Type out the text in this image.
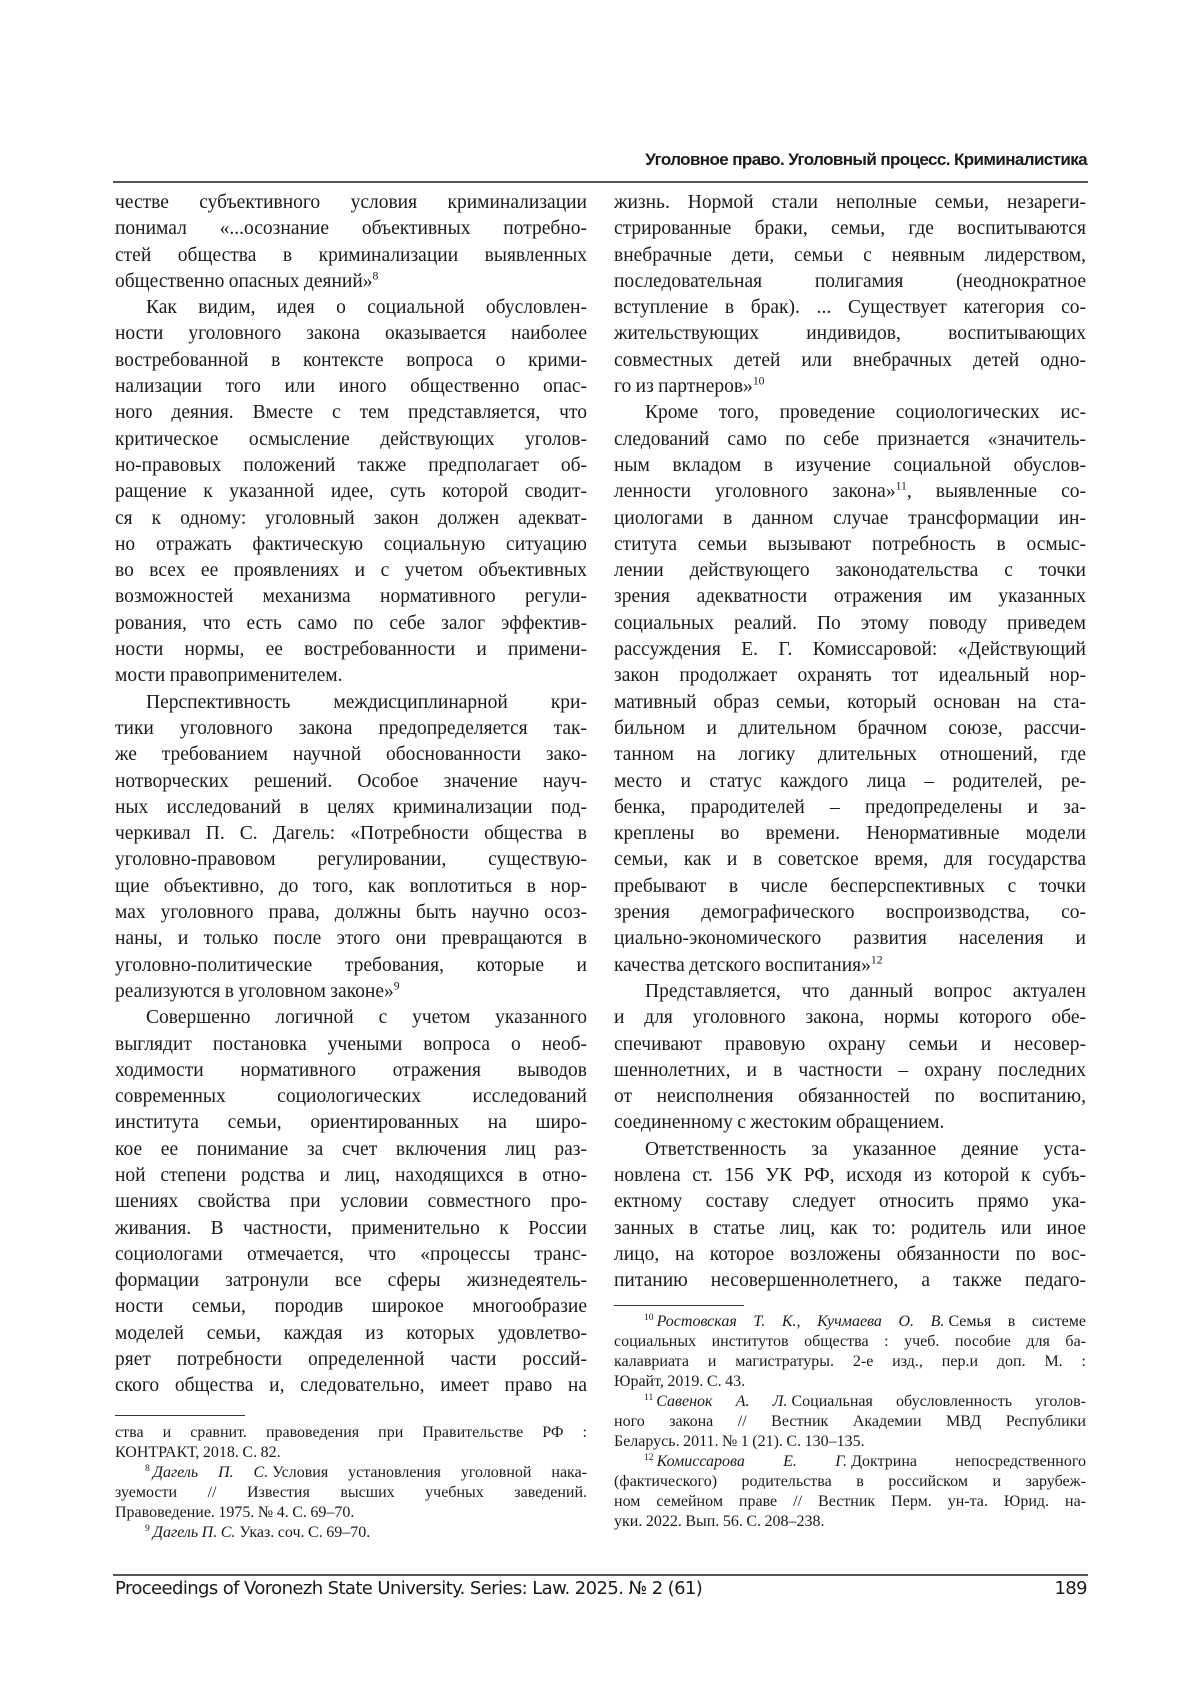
Уголовное право. Уголовный процесс. Криминалистика
честве субъективного условия криминализации
понимал «...осознание объективных потребно-
стей общества в криминализации выявленных
общественно опасных деяний»8
Как видим, идея о социальной обусловлен-
ности уголовного закона оказывается наиболее
востребованной в контексте вопроса о крими-
нализации того или иного общественно опас-
ного деяния. Вместе с тем представляется, что
критическое осмысление действующих уголов-
но-правовых положений также предполагает об-
ращение к указанной идее, суть которой сводит-
ся к одному: уголовный закон должен адекват-
но отражать фактическую социальную ситуацию
во всех ее проявлениях и с учетом объективных
возможностей механизма нормативного регули-
рования, что есть само по себе залог эффектив-
ности нормы, ее востребованности и примени-
мости правоприменителем.
Перспективность междисциплинарной кри-
тики уголовного закона предопределяется так-
же требованием научной обоснованности зако-
нотворческих решений. Особое значение науч-
ных исследований в целях криминализации под-
черкивал П. С. Дагель: «Потребности общества в
уголовно-правовом регулировании, существую-
щие объективно, до того, как воплотиться в нор-
мах уголовного права, должны быть научно осоз-
наны, и только после этого они превращаются в
уголовно-политические требования, которые и
реализуются в уголовном законе»9
Совершенно логичной с учетом указанного
выглядит постановка учеными вопроса о необ-
ходимости нормативного отражения выводов
современных социологических исследований
института семьи, ориентированных на широ-
кое ее понимание за счет включения лиц раз-
ной степени родства и лиц, находящихся в отно-
шениях свойства при условии совместного про-
живания. В частности, применительно к России
социологами отмечается, что «процессы транс-
формации затронули все сферы жизнедеятель-
ности семьи, породив широкое многообразие
моделей семьи, каждая из которых удовлетво-
ряет потребности определенной части россий-
ского общества и, следовательно, имеет право на
ства и сравнит. правоведения при Правительстве РФ :
КОНТРАКТ, 2018. С. 82.
8 Дагель П. С. Условия установления уголовной нака-
зуемости // Известия высших учебных заведений.
Правоведение. 1975. № 4. С. 69–70.
9 Дагель П. С. Указ. соч. С. 69–70.
жизнь. Нормой стали неполные семьи, незареги-
стрированные браки, семьи, где воспитываются
внебрачные дети, семьи с неявным лидерством,
последовательная полигамия (неоднократное
вступление в брак). ... Существует категория со-
жительствующих индивидов, воспитывающих
совместных детей или внебрачных детей одно-
го из партнеров»10
Кроме того, проведение социологических ис-
следований само по себе признается «значитель-
ным вкладом в изучение социальной обуслов-
ленности уголовного закона»11, выявленные со-
циологами в данном случае трансформации ин-
ститута семьи вызывают потребность в осмыс-
лении действующего законодательства с точки
зрения адекватности отражения им указанных
социальных реалий. По этому поводу приведем
рассуждения Е. Г. Комиссаровой: «Действующий
закон продолжает охранять тот идеальный нор-
мативный образ семьи, который основан на ста-
бильном и длительном брачном союзе, рассчи-
танном на логику длительных отношений, где
место и статус каждого лица – родителей, ре-
бенка, прародителей – предопределены и за-
креплены во времени. Ненормативные модели
семьи, как и в советское время, для государства
пребывают в числе бесперспективных с точки
зрения демографического воспроизводства, со-
циально-экономического развития населения и
качества детского воспитания»12
Представляется, что данный вопрос актуален
и для уголовного закона, нормы которого обе-
спечивают правовую охрану семьи и несовер-
шеннолетних, и в частности – охрану последних
от неисполнения обязанностей по воспитанию,
соединенному с жестоким обращением.
Ответственность за указанное деяние уста-
новлена ст. 156 УК РФ, исходя из которой к субъ-
ектному составу следует относить прямо ука-
занных в статье лиц, как то: родитель или иное
лицо, на которое возложены обязанности по вос-
питанию несовершеннолетнего, а также педаго-
10 Ростовская Т. К., Кучмаева О. В. Семья в системе
социальных институтов общества : учеб. пособие для ба-
калавриата и магистратуры. 2-е изд., пер.и доп. М. :
Юрайт, 2019. С. 43.
11 Савенок А. Л. Социальная обусловленность уголов-
ного закона // Вестник Академии МВД Республики
Беларусь. 2011. № 1 (21). С. 130–135.
12 Комиссарова Е. Г. Доктрина непосредственного
(фактического) родительства в российском и зарубеж-
ном семейном праве // Вестник Перм. ун-та. Юрид. на-
уки. 2022. Вып. 56. С. 208–238.
Proceedings of Voronezh State University. Series: Law. 2025. № 2 (61)	189
